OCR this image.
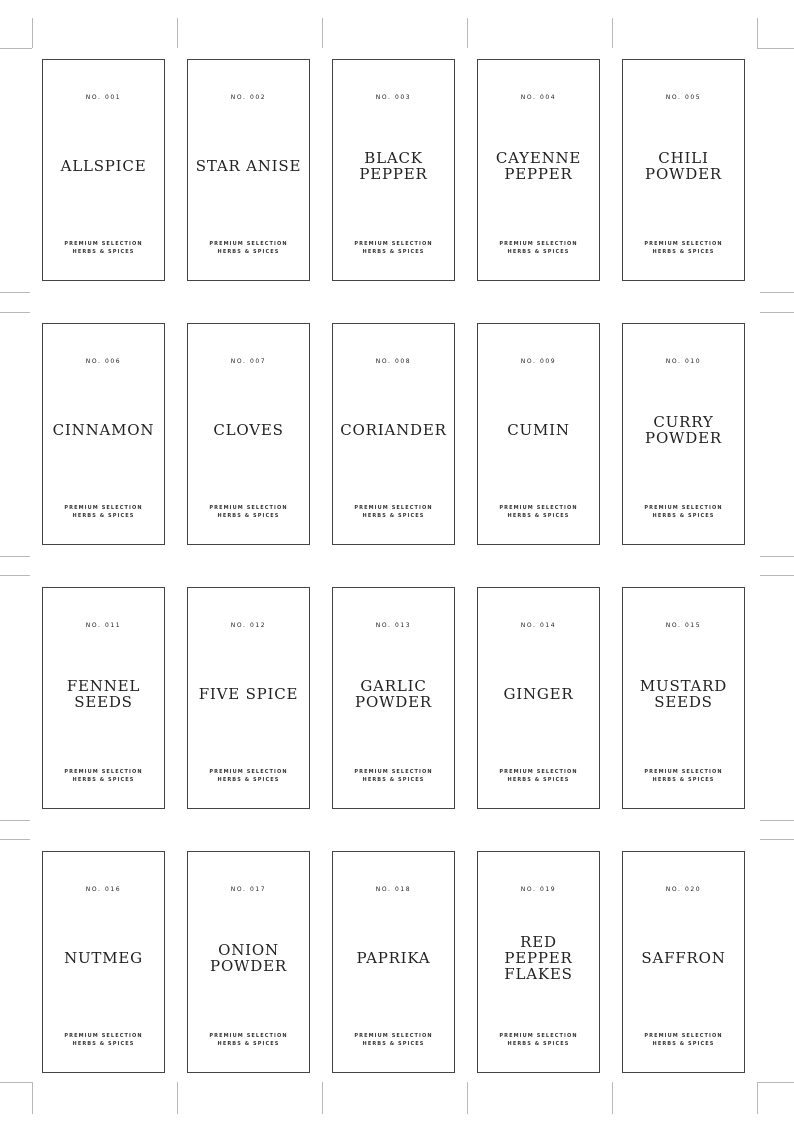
NO. 001
ALLSPICE
PREMIUM SELECTION
HERBS & SPICES
NO. 002
STAR ANISE
PREMIUM SELECTION
HERBS & SPICES
NO. 003
BLACK
PEPPER
PREMIUM SELECTION
HERBS & SPICES
NO. 004
CAYENNE
PEPPER
PREMIUM SELECTION
HERBS & SPICES
NO. 005
CHILI
POWDER
PREMIUM SELECTION
HERBS & SPICES
NO. 006
CINNAMON
PREMIUM SELECTION
HERBS & SPICES
NO. 007
CLOVES
PREMIUM SELECTION
HERBS & SPICES
NO. 008
CORIANDER
PREMIUM SELECTION
HERBS & SPICES
NO. 009
CUMIN
PREMIUM SELECTION
HERBS & SPICES
NO. 010
CURRY
POWDER
PREMIUM SELECTION
HERBS & SPICES
NO. 011
FENNEL
SEEDS
PREMIUM SELECTION
HERBS & SPICES
NO. 012
FIVE SPICE
PREMIUM SELECTION
HERBS & SPICES
NO. 013
GARLIC
POWDER
PREMIUM SELECTION
HERBS & SPICES
NO. 014
GINGER
PREMIUM SELECTION
HERBS & SPICES
NO. 015
MUSTARD
SEEDS
PREMIUM SELECTION
HERBS & SPICES
NO. 016
NUTMEG
PREMIUM SELECTION
HERBS & SPICES
NO. 017
ONION
POWDER
PREMIUM SELECTION
HERBS & SPICES
NO. 018
PAPRIKA
PREMIUM SELECTION
HERBS & SPICES
NO. 019
RED
PEPPER
FLAKES
PREMIUM SELECTION
HERBS & SPICES
NO. 020
SAFFRON
PREMIUM SELECTION
HERBS & SPICES
